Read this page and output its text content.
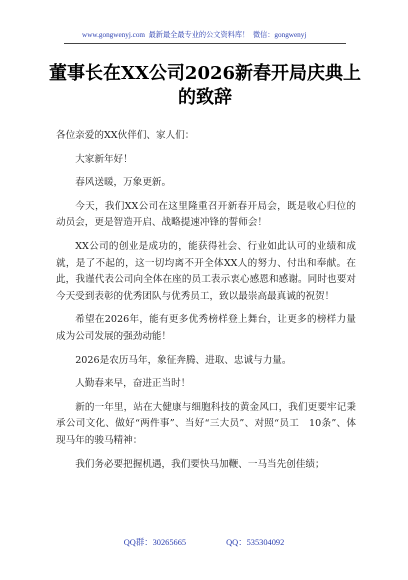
www.gongwenyj.com 最新最全最专业的公文资料库！ 微信：gongwenyj
董事长在XX公司2026新春开局庆典上
的致辞

各位亲爱的XX伙伴们、家人们：

大家新年好！

春风送暖，万象更新。

今天，我们XX公司在这里隆重召开新春开局会，既是收心归位的动员会，更是智造开启、战略提速冲锋的誓师会！

XX公司的创业是成功的，能获得社会、行业如此认可的业绩和成就，是了不起的，这一切均离不开全体XX人的努力、付出和奉献。在此，我谨代表公司向全体在座的员工表示衷心感恩和感谢。同时也要对今天受到表彰的优秀团队与优秀员工，致以最崇高最真诚的祝贺！

希望在2026年，能有更多优秀榜样登上舞台，让更多的榜样力量成为公司发展的强劲动能！

2026是农历马年，象征奔腾、进取、忠诚与力量。

人勤春来早，奋进正当时！

新的一年里，站在大健康与细胞科技的黄金风口，我们更要牢记秉承公司文化、做好“两件事”、当好“三大员”、对照“员工　10条”、体现马年的骏马精神：

我们务必要把握机遇，我们要快马加鞭、一马当先创佳绩；

QQ群：30265665	QQ：535304092
